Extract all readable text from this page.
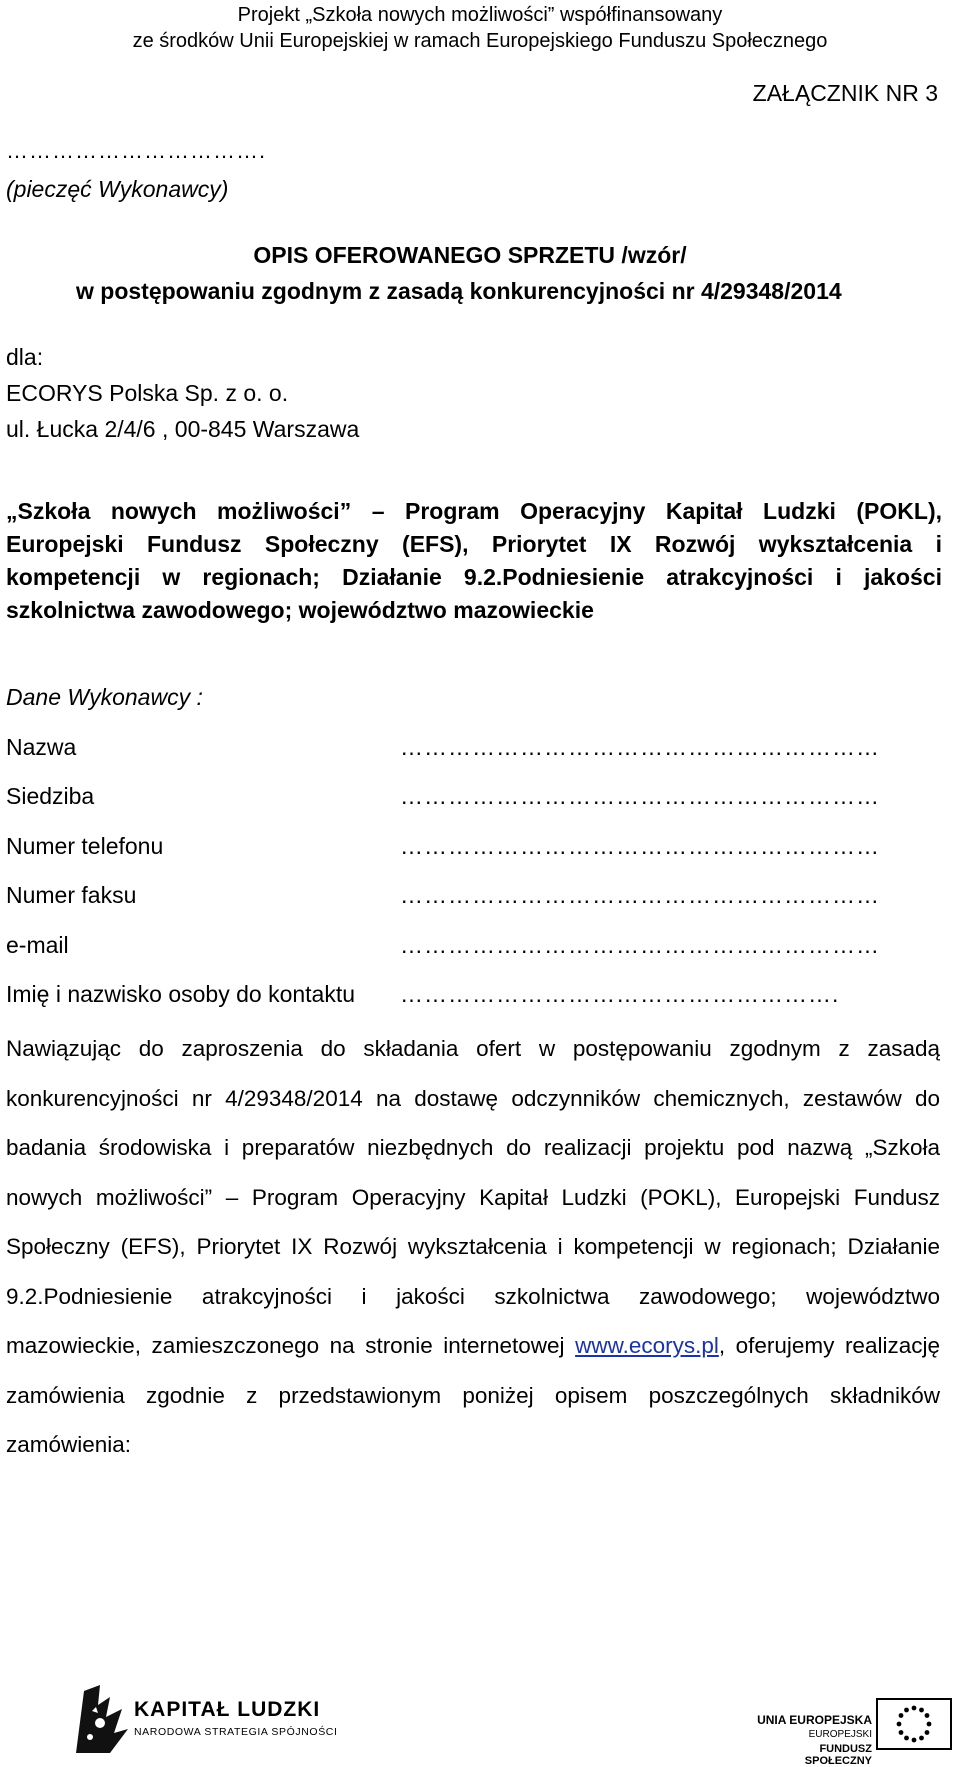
Projekt „Szkoła nowych możliwości” współfinansowany
ze środków Unii Europejskiej w ramach Europejskiego Funduszu Społecznego
ZAŁĄCZNIK NR 3
…………………………….
(pieczęć Wykonawcy)
OPIS OFEROWANEGO SPRZETU /wzór/
w postępowaniu zgodnym z zasadą konkurencyjności nr 4/29348/2014
dla:
ECORYS Polska Sp. z o. o.
ul. Łucka 2/4/6 , 00-845 Warszawa
„Szkoła nowych możliwości” – Program Operacyjny Kapitał Ludzki (POKL), Europejski Fundusz Społeczny (EFS), Priorytet IX Rozwój wykształcenia i kompetencji w regionach; Działanie 9.2.Podniesienie atrakcyjności i jakości szkolnictwa zawodowego; województwo mazowieckie
Dane Wykonawcy :
Nazwa	……………………………………………………
Siedziba	……………………………………………………
Numer telefonu	……………………………………………………
Numer faksu	……………………………………………………
e-mail	……………………………………………………
Imię i nazwisko osoby do kontaktu ……………………………………………….
Nawiązując do zaproszenia do składania ofert w postępowaniu zgodnym z zasadą konkurencyjności nr 4/29348/2014 na dostawę odczynników chemicznych, zestawów do badania środowiska i preparatów niezbędnych do realizacji projektu pod nazwą „Szkoła nowych możliwości” – Program Operacyjny Kapitał Ludzki (POKL), Europejski Fundusz Społeczny (EFS), Priorytet IX Rozwój wykształcenia i kompetencji w regionach; Działanie 9.2.Podniesienie atrakcyjności i jakości szkolnictwa zawodowego; województwo mazowieckie, zamieszczonego na stronie internetowej www.ecorys.pl, oferujemy realizację zamówienia zgodnie z przedstawionym poniżej opisem poszczególnych składników zamówienia:
KAPITAŁ LUDZKI
NARODOWA STRATEGIA SPÓJNOŚCI
UNIA EUROPEJSKA
EUROPEJSKI
FUNDUSZ SPOŁECZNY
